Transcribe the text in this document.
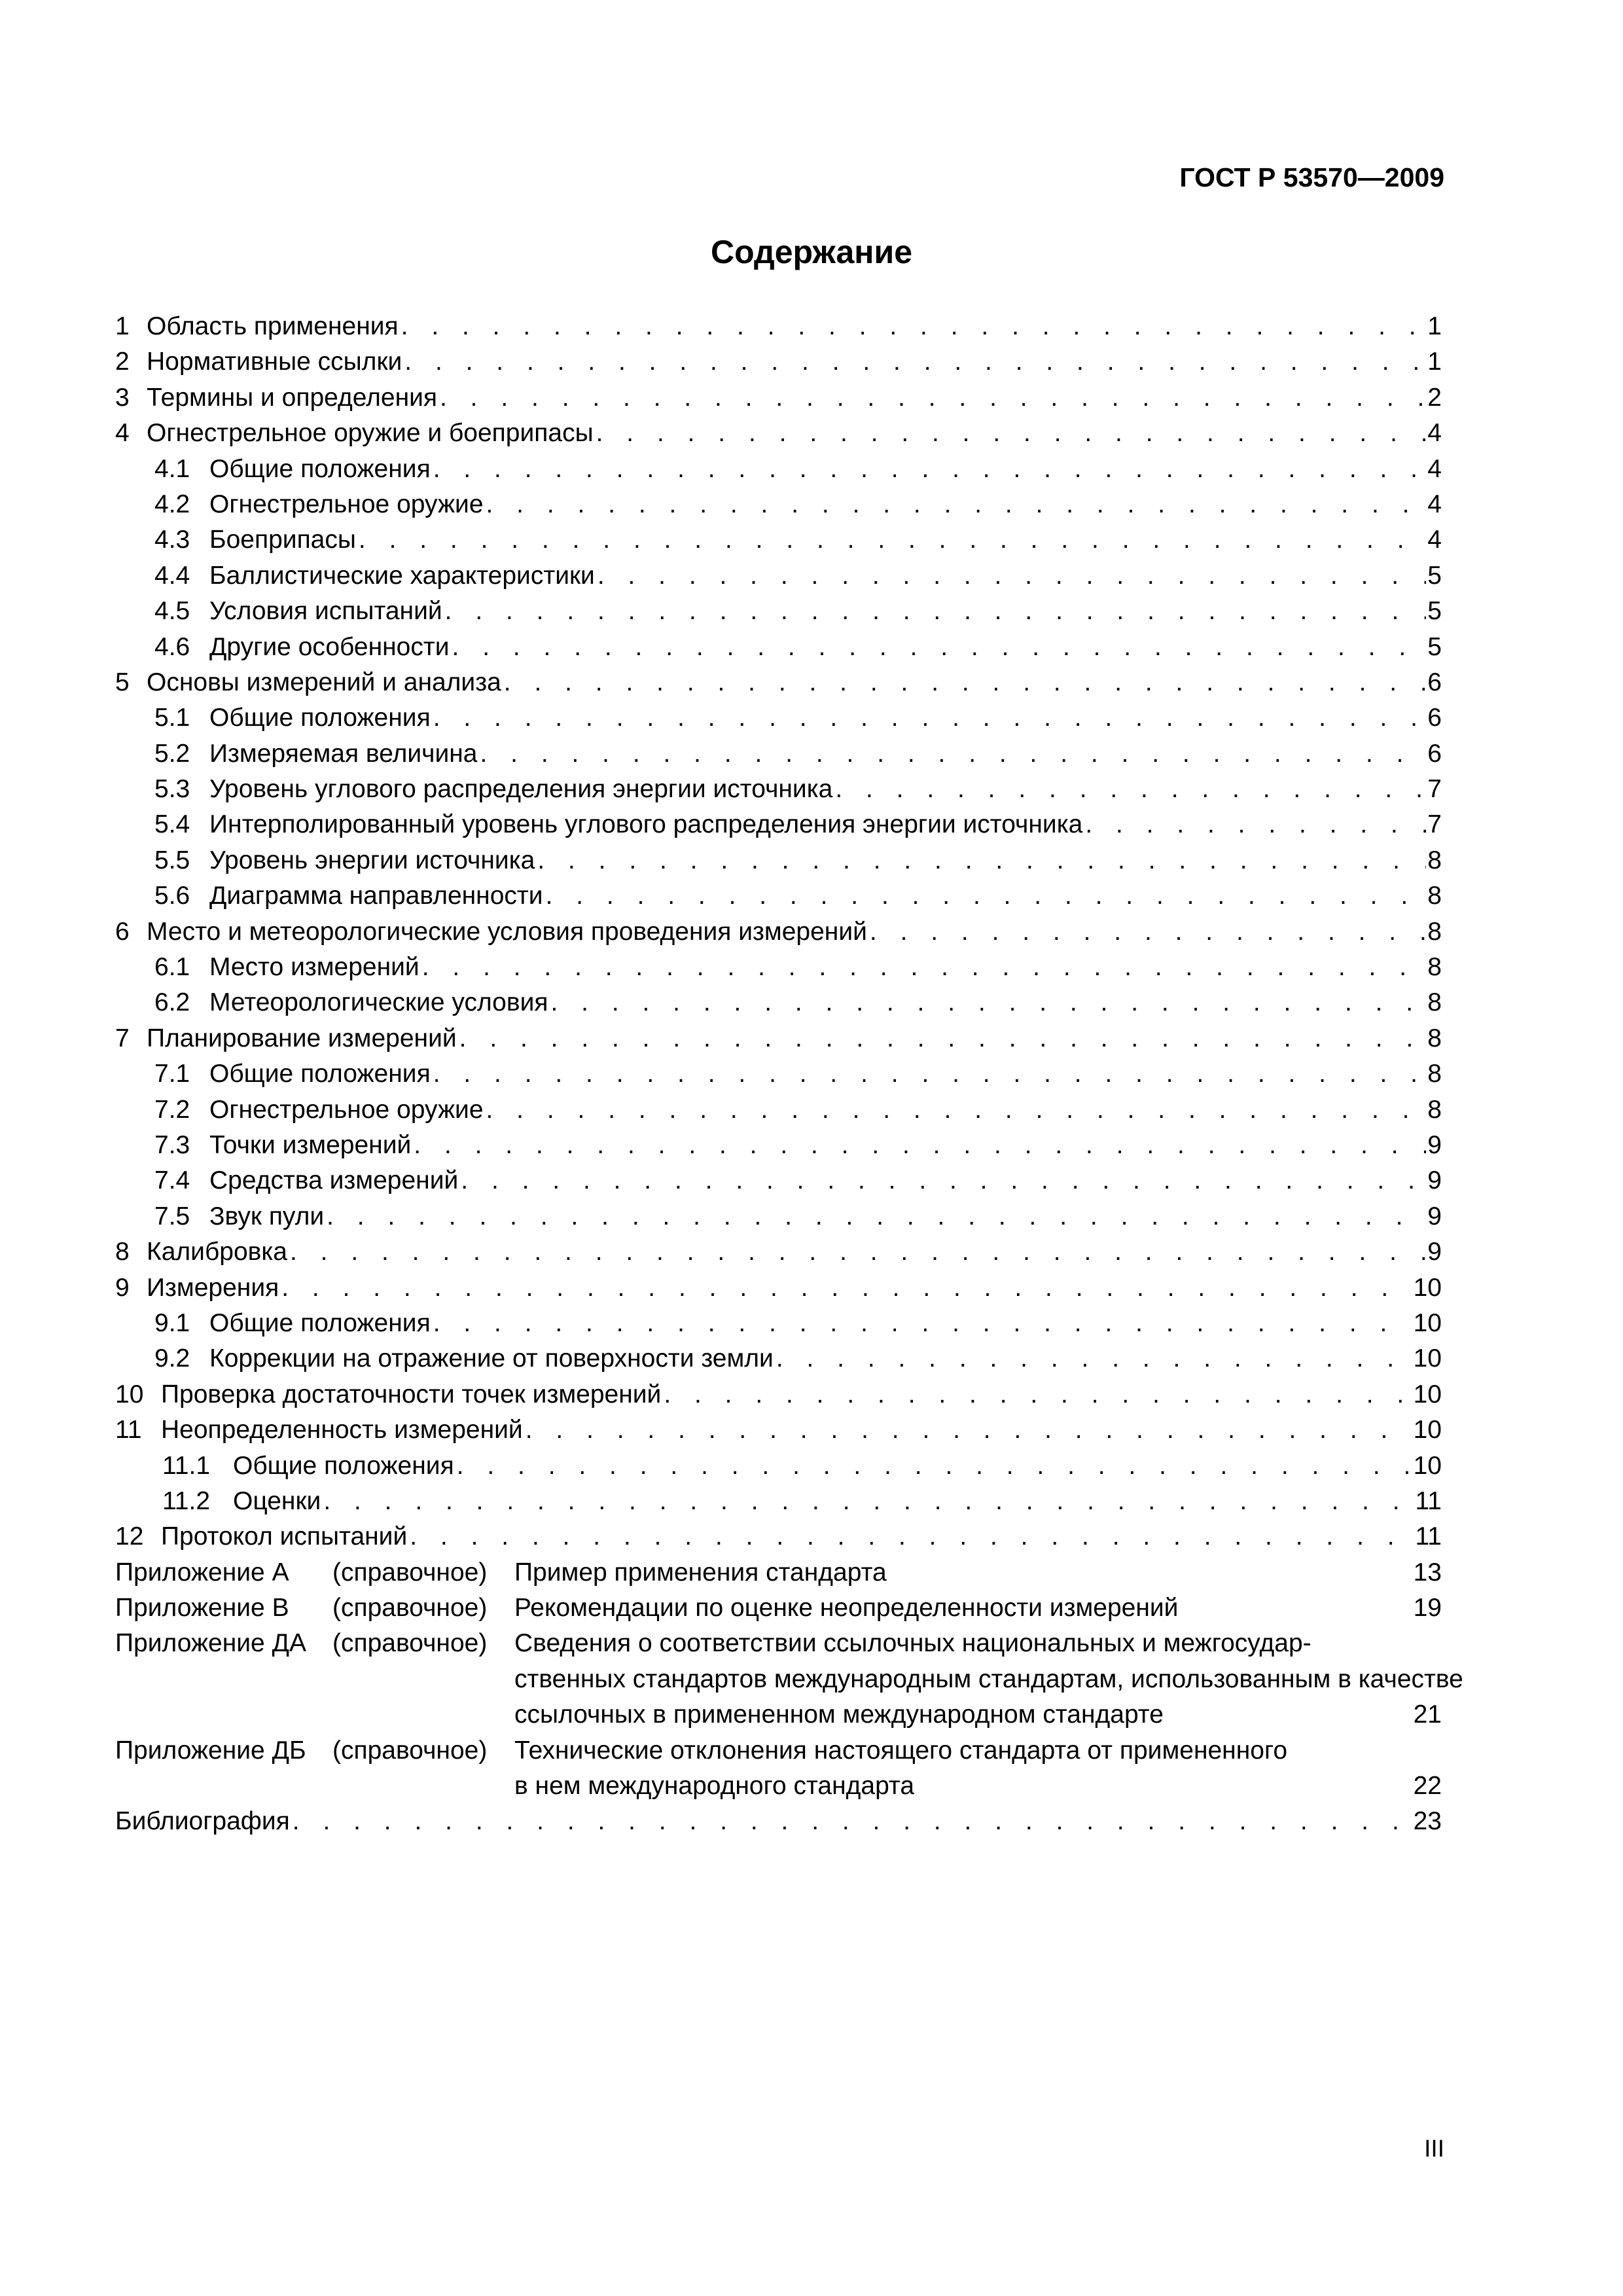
ГОСТ Р 53570—2009
Содержание
1 Область применения . . .	1
2 Нормативные ссылки . . .	1
3 Термины и определения . . .	2
4 Огнестрельное оружие и боеприпасы . . .	4
4.1 Общие положения . . .	4
4.2 Огнестрельное оружие . . .	4
4.3 Боеприпасы . . .	4
4.4 Баллистические характеристики . . .	5
4.5 Условия испытаний . . .	5
4.6 Другие особенности . . .	5
5 Основы измерений и анализа . . .	6
5.1 Общие положения . . .	6
5.2 Измеряемая величина . . .	6
5.3 Уровень углового распределения энергии источника . . .	7
5.4 Интерполированный уровень углового распределения энергии источника . . .	7
5.5 Уровень энергии источника . . .	8
5.6 Диаграмма направленности . . .	8
6 Место и метеорологические условия проведения измерений . . .	8
6.1 Место измерений . . .	8
6.2 Метеорологические условия . . .	8
7 Планирование измерений . . .	8
7.1 Общие положения . . .	8
7.2 Огнестрельное оружие . . .	8
7.3 Точки измерений . . .	9
7.4 Средства измерений . . .	9
7.5 Звук пули . . .	9
8 Калибровка . . .	9
9 Измерения . . .	10
9.1 Общие положения . . .	10
9.2 Коррекции на отражение от поверхности земли . . .	10
10 Проверка достаточности точек измерений . . .	10
11 Неопределенность измерений . . .	10
11.1 Общие положения . . .	10
11.2 Оценки . . .	11
12 Протокол испытаний . . .	11
Приложение А (справочное) Пример применения стандарта	13
Приложение В (справочное) Рекомендации по оценке неопределенности измерений	19
Приложение ДА (справочное) Сведения о соответствии ссылочных национальных и межгосудар-
ственных стандартов международным стандартам, использованным в качестве
ссылочных в примененном международном стандарте	21
Приложение ДБ (справочное) Технические отклонения настоящего стандарта от примененного
в нем международного стандарта	22
Библиография . . .	23
III
